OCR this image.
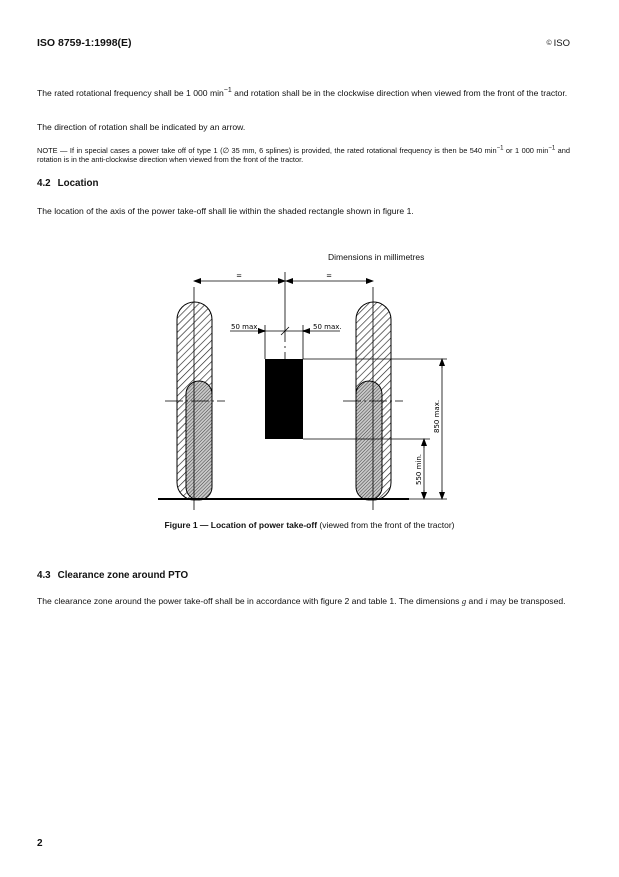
ISO 8759-1:1998(E)	© ISO
The rated rotational frequency shall be 1 000 $\min^{-1}$ and rotation shall be in the clockwise direction when viewed from the front of the tractor.
The direction of rotation shall be indicated by an arrow.
NOTE — If in special cases a power take off of type 1 (∅ 35 mm, 6 splines) is provided, the rated rotational frequency is then be 540 $\min^{-1}$ or 1 000 $\min^{-1}$ and rotation is in the anti-clockwise direction when viewed from the front of the tractor.
4.2 Location
The location of the axis of the power take-off shall lie within the shaded rectangle shown in figure 1.
Dimensions in millimetres
=	=
50 max.	50 max.
850 max.
550 min.
Figure 1 — Location of power take-off (viewed from the front of the tractor)
4.3 Clearance zone around PTO
The clearance zone around the power take-off shall be in accordance with figure 2 and table 1. The dimensions g and i may be transposed.
2
